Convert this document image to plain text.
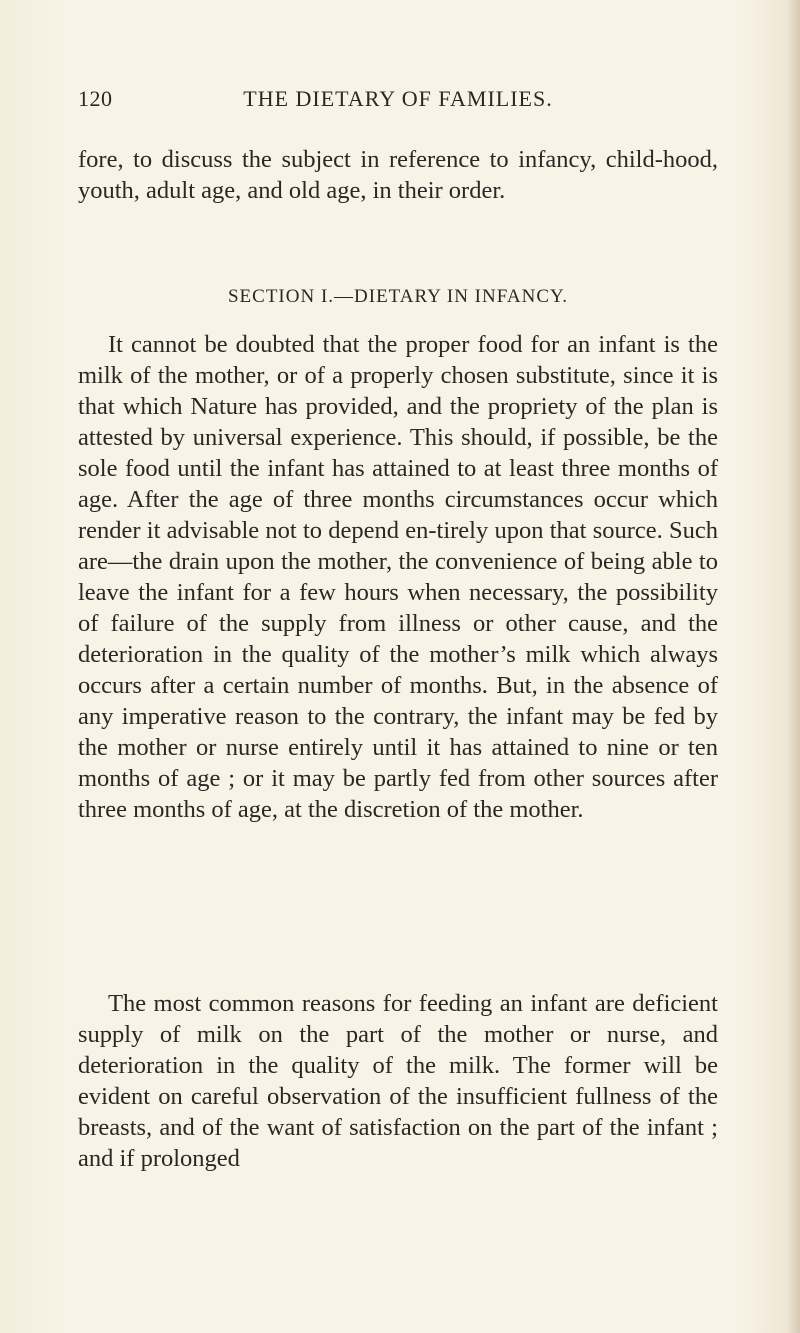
120	THE DIETARY OF FAMILIES.

fore, to discuss the subject in reference to infancy, child-hood, youth, adult age, and old age, in their order.

SECTION I.—DIETARY IN INFANCY.

It cannot be doubted that the proper food for an infant is the milk of the mother, or of a properly chosen substitute, since it is that which Nature has provided, and the propriety of the plan is attested by universal experience. This should, if possible, be the sole food until the infant has attained to at least three months of age. After the age of three months circumstances occur which render it advisable not to depend en-tirely upon that source. Such are—the drain upon the mother, the convenience of being able to leave the infant for a few hours when necessary, the possibility of failure of the supply from illness or other cause, and the deterioration in the quality of the mother’s milk which always occurs after a certain number of months. But, in the absence of any imperative reason to the contrary, the infant may be fed by the mother or nurse entirely until it has attained to nine or ten months of age ; or it may be partly fed from other sources after three months of age, at the discretion of the mother.

The most common reasons for feeding an infant are deficient supply of milk on the part of the mother or nurse, and deterioration in the quality of the milk. The former will be evident on careful observation of the insufficient fullness of the breasts, and of the want of satisfaction on the part of the infant ; and if prolonged
